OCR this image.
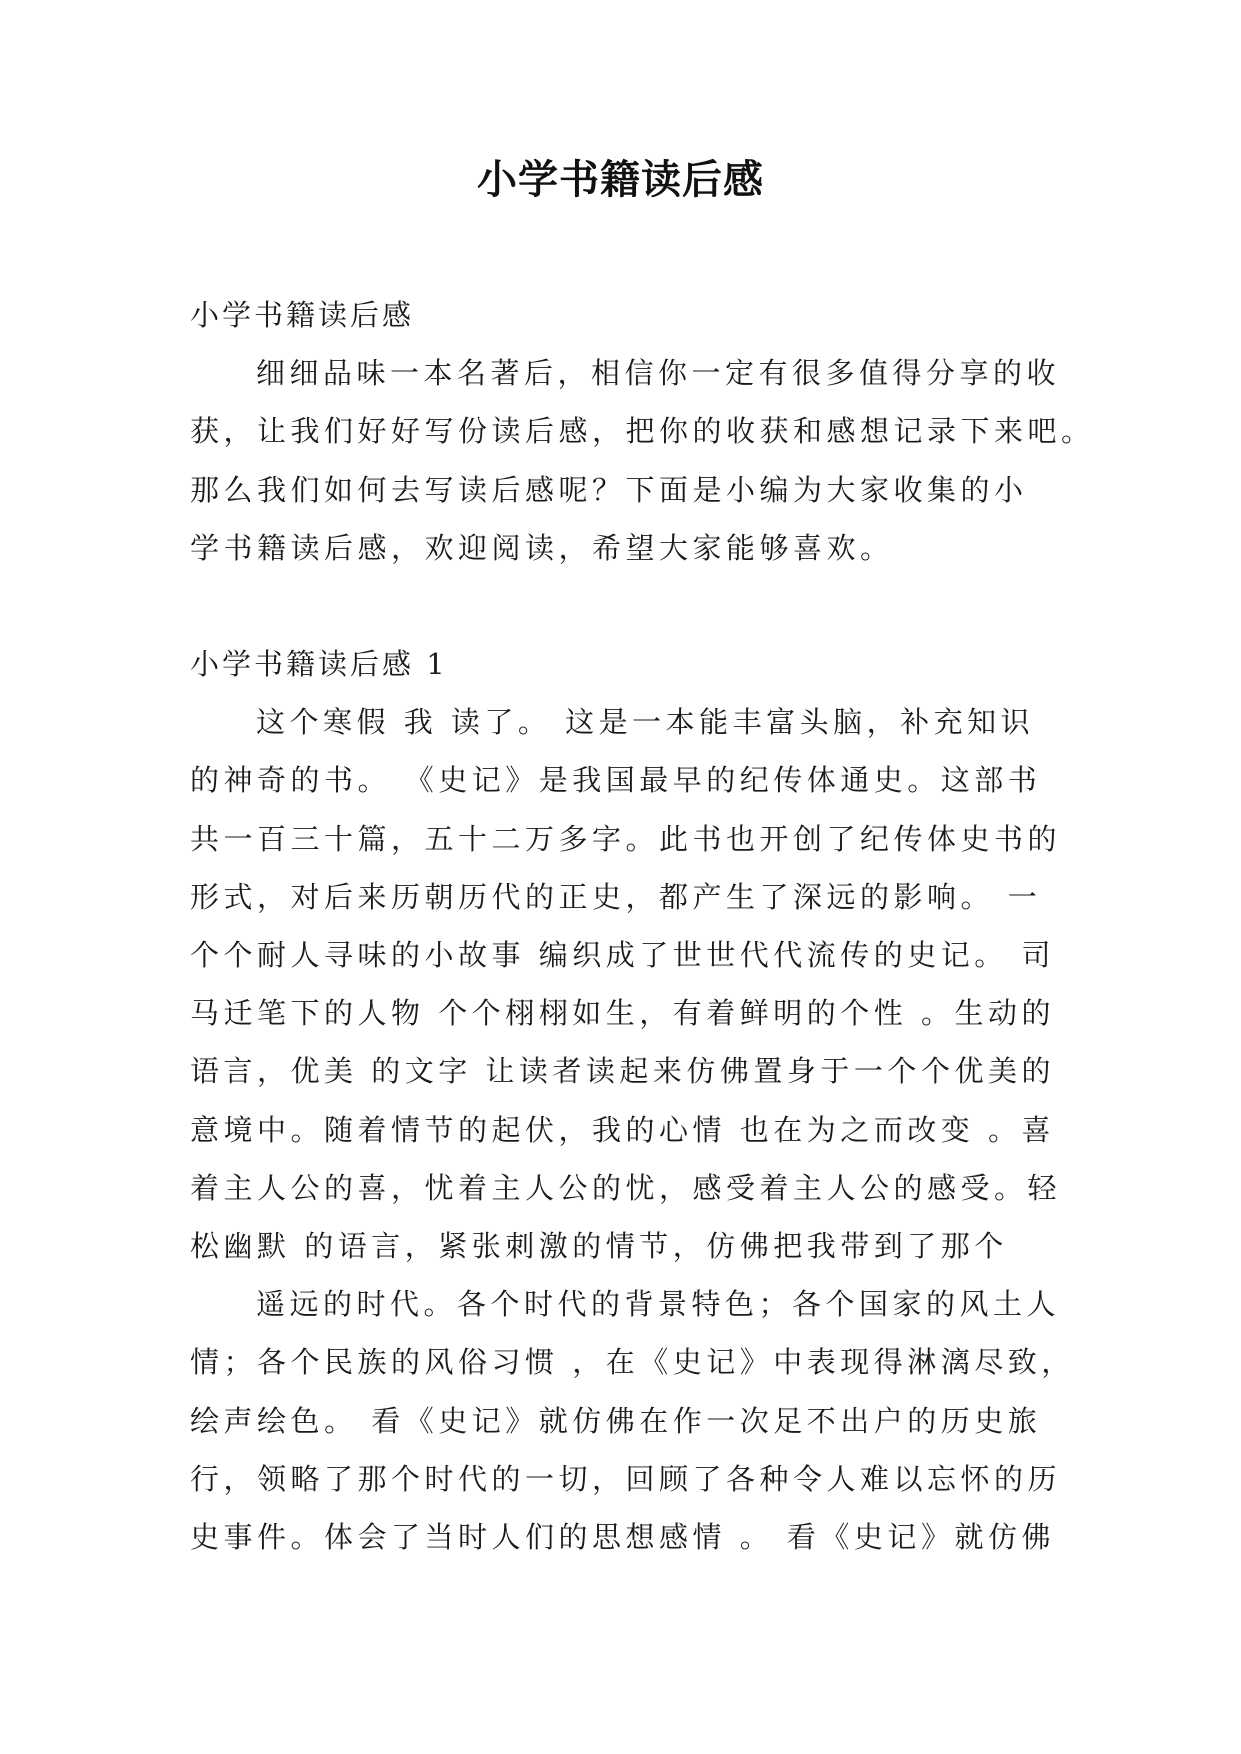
小学书籍读后感

小学书籍读后感

细细品味一本名著后，相信你一定有很多值得分享的收
获，让我们好好写份读后感，把你的收获和感想记录下来吧。
那么我们如何去写读后感呢？下面是小编为大家收集的小
学书籍读后感，欢迎阅读，希望大家能够喜欢。

小学书籍读后感 1

这个寒假 我 读了。 这是一本能丰富头脑，补充知识
的神奇的书。 《史记》是我国最早的纪传体通史。这部书
共一百三十篇，五十二万多字。此书也开创了纪传体史书的
形式，对后来历朝历代的正史，都产生了深远的影响。 一
个个耐人寻味的小故事 编织成了世世代代流传的史记。 司
马迁笔下的人物 个个栩栩如生，有着鲜明的个性 。生动的
语言，优美 的文字 让读者读起来仿佛置身于一个个优美的
意境中。随着情节的起伏，我的心情 也在为之而改变 。喜
着主人公的喜，忧着主人公的忧，感受着主人公的感受。轻
松幽默 的语言，紧张刺激的情节，仿佛把我带到了那个

遥远的时代。各个时代的背景特色；各个国家的风土人
情；各个民族的风俗习惯 ，在《史记》中表现得淋漓尽致，
绘声绘色。 看《史记》就仿佛在作一次足不出户的历史旅
行，领略了那个时代的一切，回顾了各种令人难以忘怀的历
史事件。体会了当时人们的思想感情 。 看《史记》就仿佛
